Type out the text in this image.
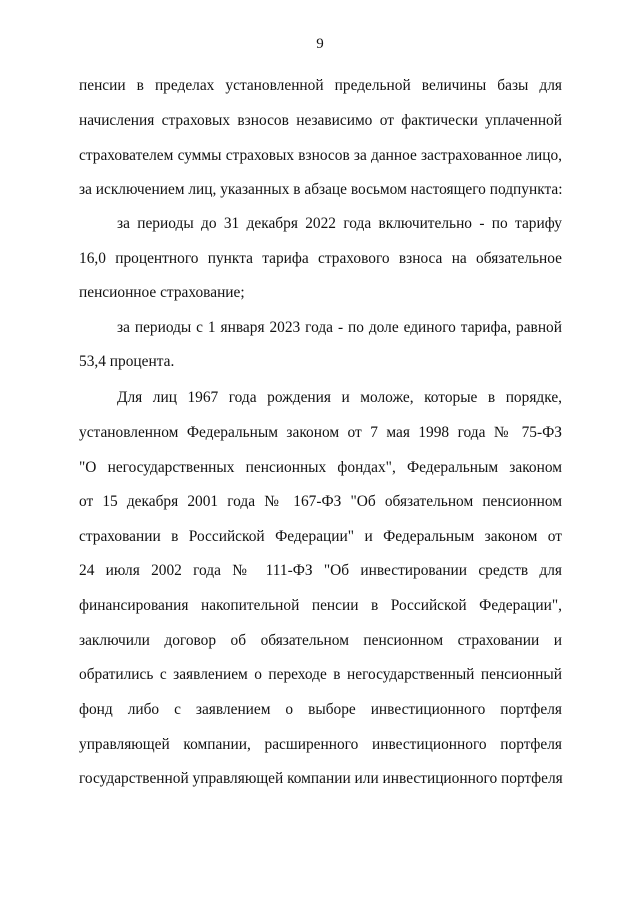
9
пенсии в пределах установленной предельной величины базы для
начисления страховых взносов независимо от фактически уплаченной
страхователем суммы страховых взносов за данное застрахованное лицо,
за исключением лиц, указанных в абзаце восьмом настоящего подпункта:
за периоды до 31 декабря 2022 года включительно - по тарифу
16,0 процентного пункта тарифа страхового взноса на обязательное
пенсионное страхование;
за периоды с 1 января 2023 года - по доле единого тарифа, равной
53,4 процента.
Для лиц 1967 года рождения и моложе, которые в порядке,
установленном Федеральным законом от 7 мая 1998 года № 75-ФЗ
"О негосударственных пенсионных фондах", Федеральным законом
от 15 декабря 2001 года № 167-ФЗ "Об обязательном пенсионном
страховании в Российской Федерации" и Федеральным законом от
24 июля 2002 года № 111-ФЗ "Об инвестировании средств для
финансирования накопительной пенсии в Российской Федерации",
заключили договор об обязательном пенсионном страховании и
обратились с заявлением о переходе в негосударственный пенсионный
фонд либо с заявлением о выборе инвестиционного портфеля
управляющей компании, расширенного инвестиционного портфеля
государственной управляющей компании или инвестиционного портфеля
